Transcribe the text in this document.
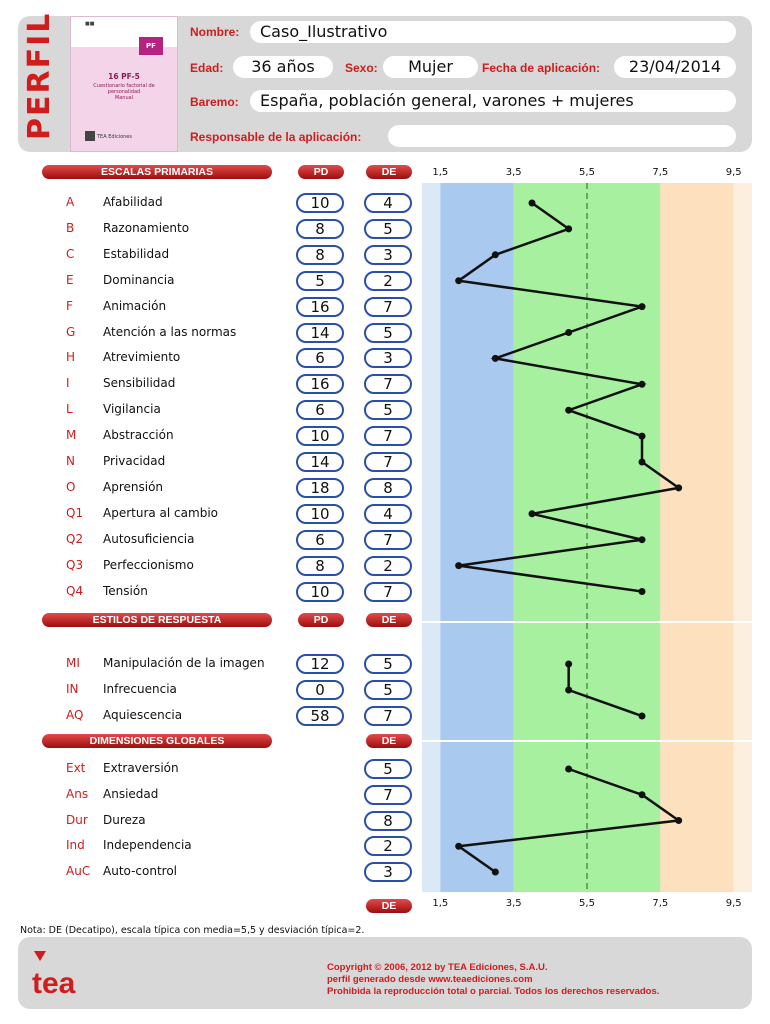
PERFIL	■■
PF
16 PF-5
Cuestionario factorial de personalidad
Manual
TEA Ediciones
Nombre:	Caso_Ilustrativo
Edad:	36 años	Sexo:	Mujer	Fecha de aplicación:	23/04/2014
Baremo:	España, población general, varones + mujeres
Responsable de la aplicación:
ESCALAS PRIMARIAS	PD	DE
ESTILOS DE RESPUESTA	PD	DE
DIMENSIONES GLOBALES	DE
DE
A Afabilidad	10	4
B Razonamiento	8	5
C Estabilidad	8	3
E Dominancia	5	2
F	Animación	16	7
G Atención a las normas	14	5
H Atrevimiento	6	3
I	Sensibilidad	16	7
L	Vigilancia	6	5
M Abstracción	10	7
N Privacidad	14	7
O Aprensión	18	8
Q1 Apertura al cambio	10	4
Q2 Autosuficiencia	6	7
Q3 Perfeccionismo	8	2
Q4 Tensión	10	7
MI Manipulación de la imagen	12	5
IN Infrecuencia	0	5
AQ Aquiescencia	58	7
Ext Extraversión	5
Ans Ansiedad	7
Dur Dureza	8
Ind Independencia	2
AuC Auto-control	3
1,5
1,5
3,5
3,5
5,5
5,5
7,5
7,5
9,5
9,5
Nota: DE (Decatipo), escala típica con media=5,5 y desviación típica=2.
tea	Copyright © 2006, 2012 by TEA Ediciones, S.A.U.
perfil generado desde www.teaediciones.com
Prohibida la reproducción total o parcial. Todos los derechos reservados.
